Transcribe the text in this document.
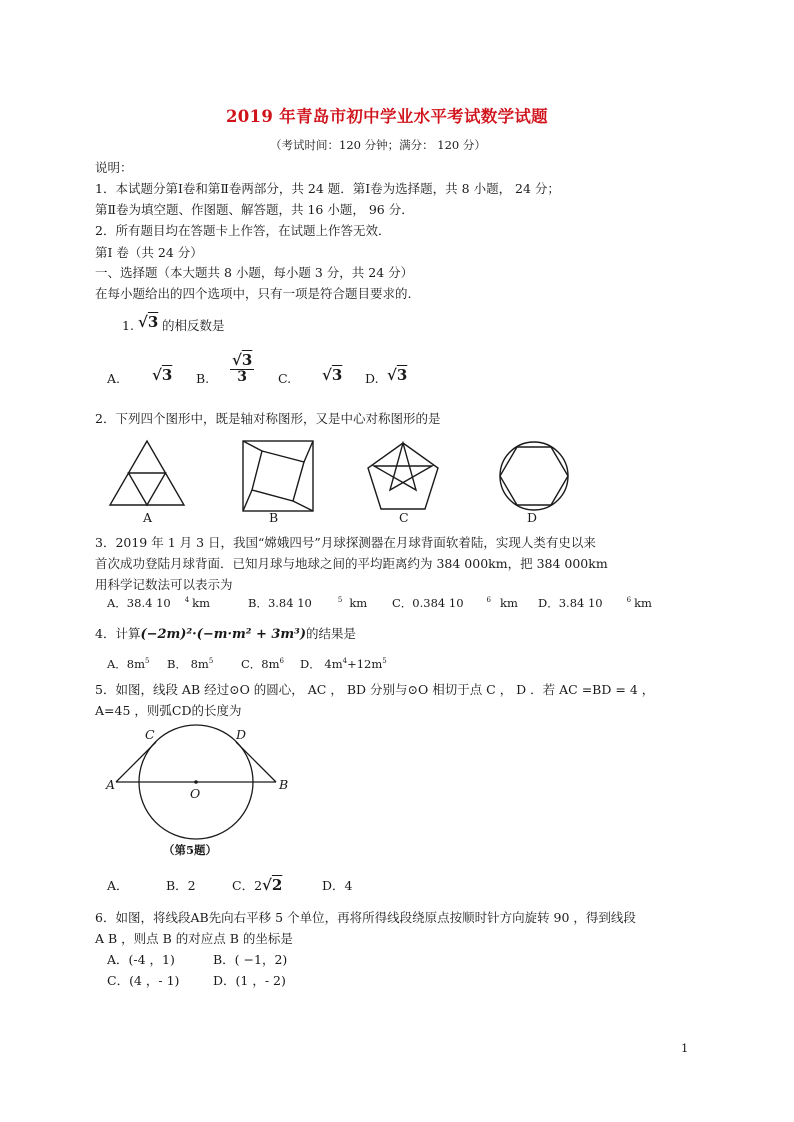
2019 年青岛市初中学业水平考试数学试题
（考试时间：120 分钟；满分： 120 分）
说明：
1．本试题分第Ⅰ卷和第Ⅱ卷两部分，共 24 题．第Ⅰ卷为选择题，共 8 小题， 24 分；
第Ⅱ卷为填空题、作图题、解答题，共 16 小题， 96 分．
2．所有题目均在答题卡上作答，在试题上作答无效．
第Ⅰ 卷（共 24 分）
一、选择题（本大题共 8 小题，每小题 3 分，共 24 分）
在每小题给出的四个选项中，只有一项是符合题目要求的.
1. √3 的相反数是
A. √3 B. $\frac{√3}{3} C$. √3 D. √3
2．下列四个图形中，既是轴对称图形，又是中心对称图形的是
A	B	C	D
3．2019 年 1 月 3 日，我国“嫦娥四号”月球探测器在月球背面软着陆，实现人类有史以来
首次成功登陆月球背面．已知月球与地球之间的平均距离约为 384 000km，把 384 000km
用科学记数法可以表示为
A．38.4 10 $^4$ km	B．3.84 10	$^5$ km C．0.384 10	$^6$ km D．3.84 10	$^6$ km
4．计算(−2m)²·(−m·m² + 3m³)的结果是
A．$8m^5$ B． $8m^5$ C．$8m^6$ D． $4m^4+12m^5$
5．如图，线段 AB 经过⊙O 的圆心， AC ， BD 分别与⊙O 相切于点 C ， D ．若 AC =BD = 4 ，
A=45 ，则弧CD的长度为
A	B
C	D
O
（第5题）
A．	B．2	C．2√2	D．4
6．如图，将线段AB先向右平移 5 个单位，再将所得线段绕原点按顺时针方向旋转 90 ，得到线段
A B ，则点 B 的对应点 B 的坐标是
A．(-4 ，1)	B．( −1，2)
C．(4 ，- 1)	D．(1 ，- 2)
1
